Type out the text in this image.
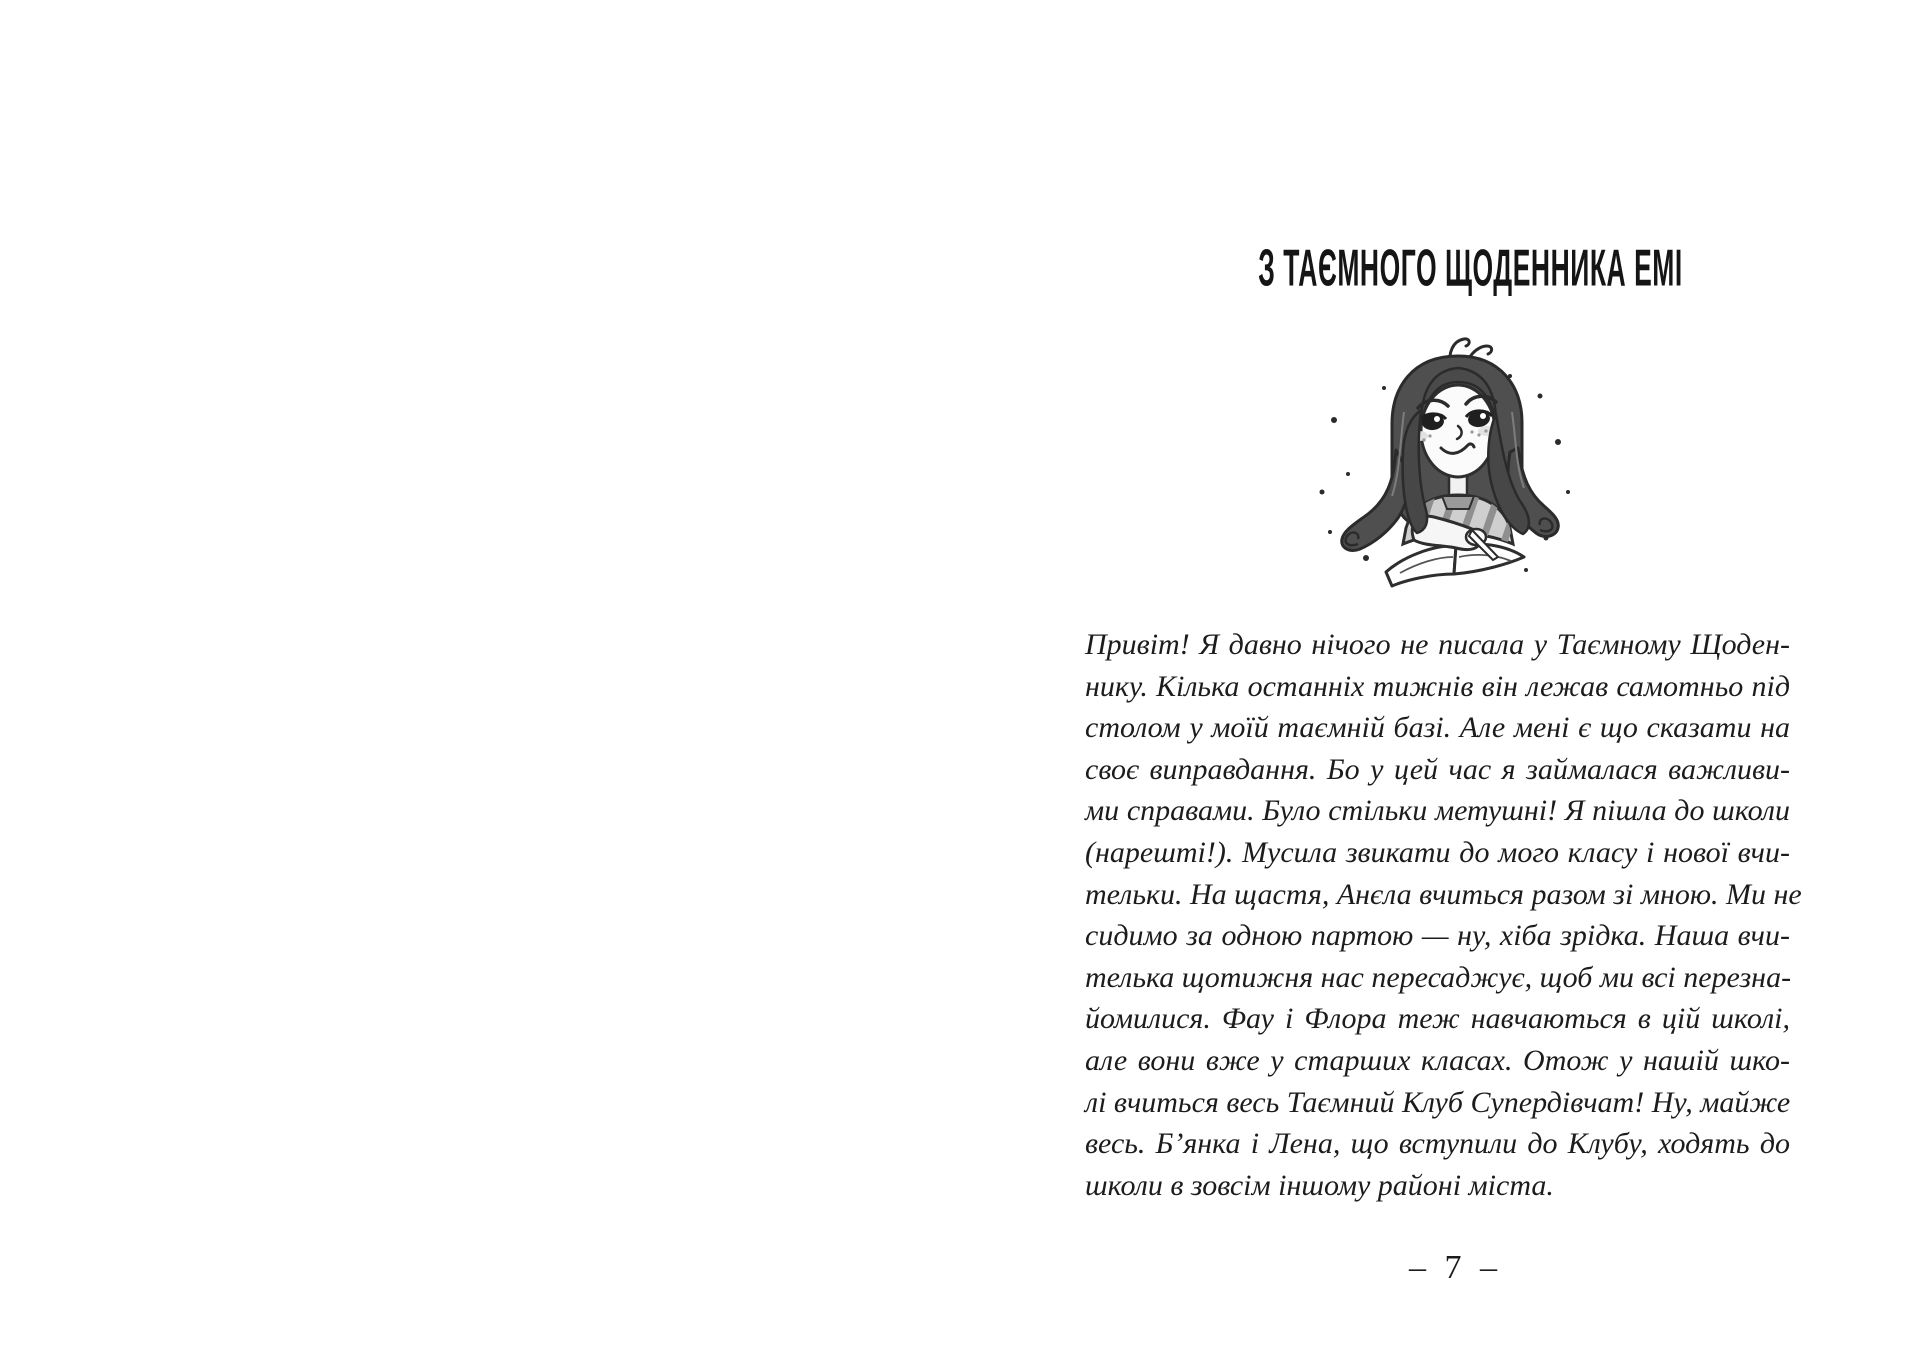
З ТАЄМНОГО ЩОДЕННИКА ЕМІ
Привіт! Я давно нічого не писала у Таємному Щоден-
нику. Кілька останніх тижнів він лежав самотньо під
столом у моїй таємній базі. Але мені є що сказати на
своє виправдання. Бо у цей час я займалася важливи-
ми справами. Було стільки метушні! Я пішла до школи
(нарешті!). Мусила звикати до мого класу і нової вчи-
тельки. На щастя, Анєла вчиться разом зі мною. Ми не
сидимо за одною партою — ну, хіба зрідка. Наша вчи-
телька щотижня нас пересаджує, щоб ми всі перезна-
йомилися. Фау і Флора теж навчаються в цій школі,
але вони вже у старших класах. Отож у нашій шко-
лі вчиться весь Таємний Клуб Супердівчат! Ну, майже
весь. Б’янка і Лена, що вступили до Клубу, ходять до
школи в зовсім іншому районі міста.
– 7 –
